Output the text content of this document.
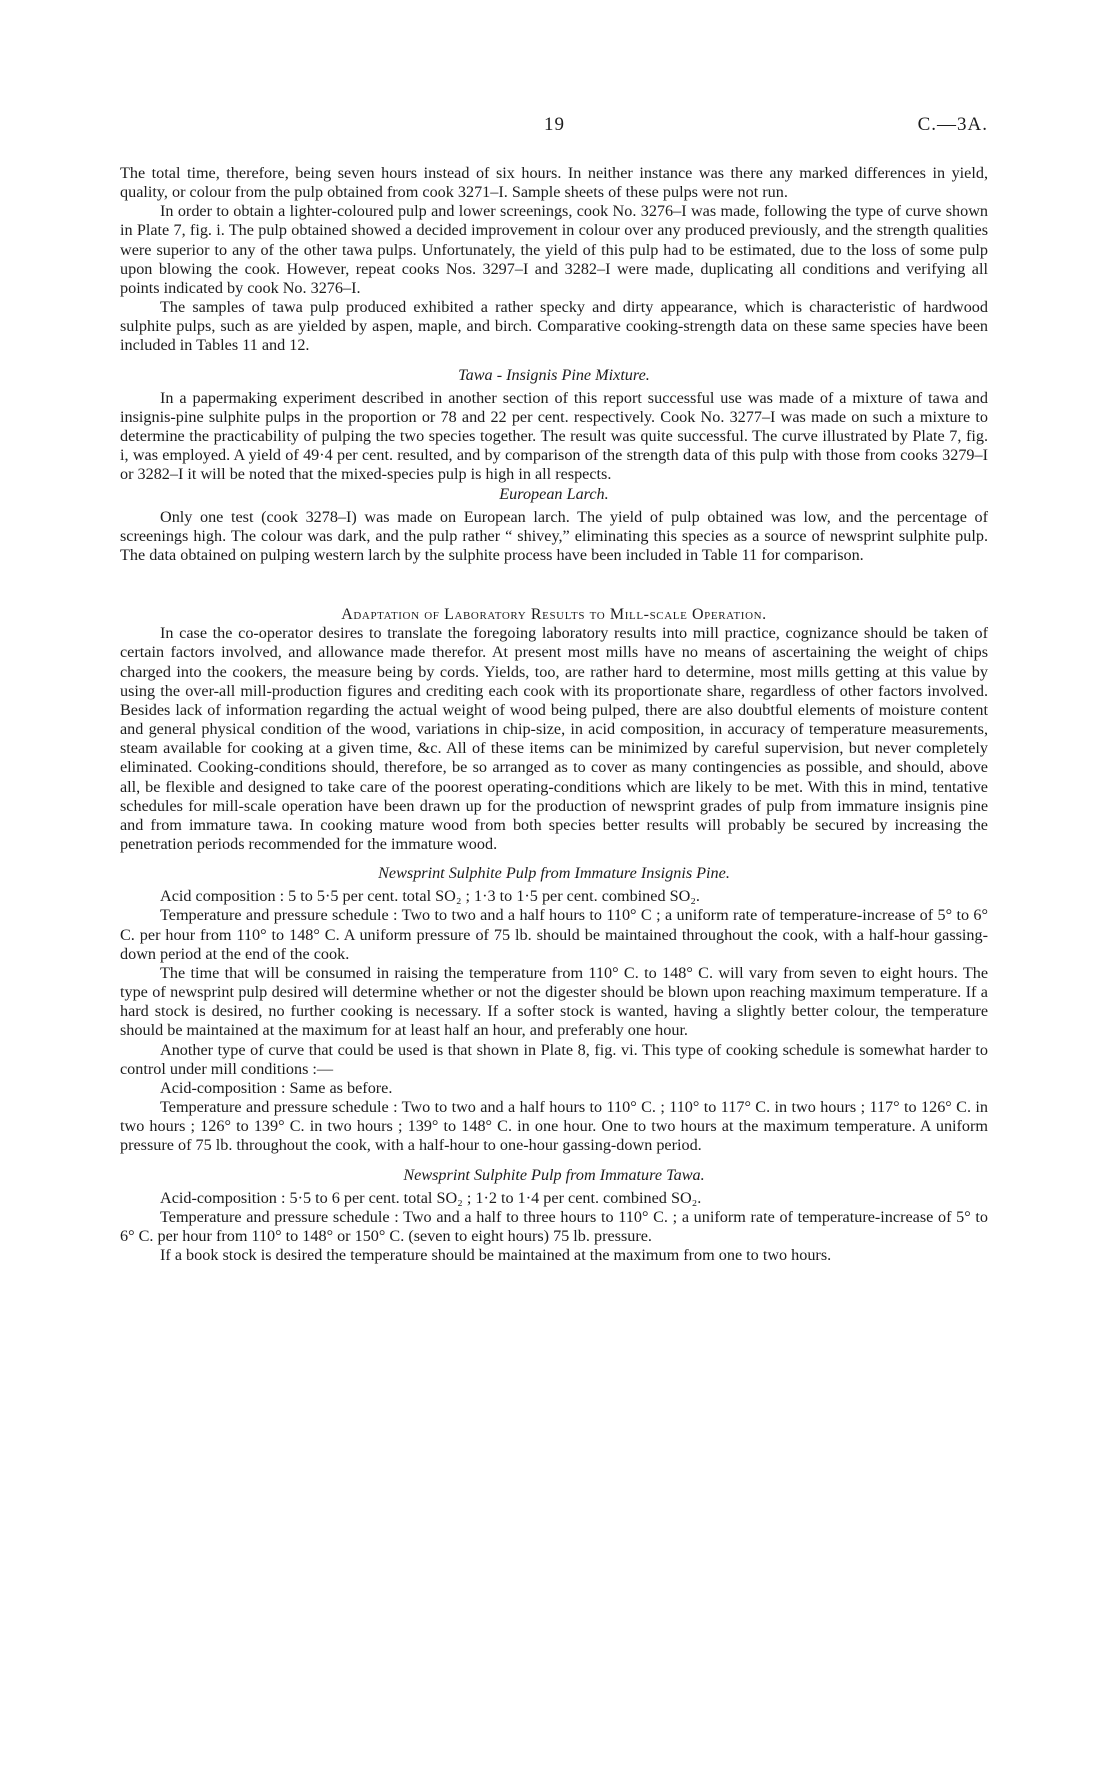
19	C.—3A.

The total time, therefore, being seven hours instead of six hours. In neither instance was there any marked differences in yield, quality, or colour from the pulp obtained from cook 3271–I. Sample sheets of these pulps were not run.

In order to obtain a lighter-coloured pulp and lower screenings, cook No. 3276–I was made, following the type of curve shown in Plate 7, fig. i. The pulp obtained showed a decided improvement in colour over any produced previously, and the strength qualities were superior to any of the other tawa pulps. Unfortunately, the yield of this pulp had to be estimated, due to the loss of some pulp upon blowing the cook. However, repeat cooks Nos. 3297–I and 3282–I were made, duplicating all conditions and verifying all points indicated by cook No. 3276–I.

The samples of tawa pulp produced exhibited a rather specky and dirty appearance, which is characteristic of hardwood sulphite pulps, such as are yielded by aspen, maple, and birch. Comparative cooking-strength data on these same species have been included in Tables 11 and 12.

Tawa - Insignis Pine Mixture.

In a papermaking experiment described in another section of this report successful use was made of a mixture of tawa and insignis-pine sulphite pulps in the proportion or 78 and 22 per cent. respectively. Cook No. 3277–I was made on such a mixture to determine the practicability of pulping the two species together. The result was quite successful. The curve illustrated by Plate 7, fig. i, was employed. A yield of 49·4 per cent. resulted, and by comparison of the strength data of this pulp with those from cooks 3279–I or 3282–I it will be noted that the mixed-species pulp is high in all respects.

European Larch.

Only one test (cook 3278–I) was made on European larch. The yield of pulp obtained was low, and the percentage of screenings high. The colour was dark, and the pulp rather “ shivey,” eliminating this species as a source of newsprint sulphite pulp. The data obtained on pulping western larch by the sulphite process have been included in Table 11 for comparison.

Adaptation of Laboratory Results to Mill-scale Operation.

In case the co-operator desires to translate the foregoing laboratory results into mill practice, cognizance should be taken of certain factors involved, and allowance made therefor. At present most mills have no means of ascertaining the weight of chips charged into the cookers, the measure being by cords. Yields, too, are rather hard to determine, most mills getting at this value by using the over-all mill-production figures and crediting each cook with its proportionate share, regardless of other factors involved. Besides lack of information regarding the actual weight of wood being pulped, there are also doubtful elements of moisture content and general physical condition of the wood, variations in chip-size, in acid composition, in accuracy of temperature measurements, steam available for cooking at a given time, &c. All of these items can be minimized by careful supervision, but never completely eliminated. Cooking-conditions should, therefore, be so arranged as to cover as many contingencies as possible, and should, above all, be flexible and designed to take care of the poorest operating-conditions which are likely to be met. With this in mind, tentative schedules for mill-scale operation have been drawn up for the production of newsprint grades of pulp from immature insignis pine and from immature tawa. In cooking mature wood from both species better results will probably be secured by increasing the penetration periods recommended for the immature wood.

Newsprint Sulphite Pulp from Immature Insignis Pine.

Acid composition : 5 to 5·5 per cent. total SO₂ ; 1·3 to 1·5 per cent. combined SO₂.

Temperature and pressure schedule : Two to two and a half hours to 110° C ; a uniform rate of temperature-increase of 5° to 6° C. per hour from 110° to 148° C. A uniform pressure of 75 lb. should be maintained throughout the cook, with a half-hour gassing-down period at the end of the cook.

The time that will be consumed in raising the temperature from 110° C. to 148° C. will vary from seven to eight hours. The type of newsprint pulp desired will determine whether or not the digester should be blown upon reaching maximum temperature. If a hard stock is desired, no further cooking is necessary. If a softer stock is wanted, having a slightly better colour, the temperature should be maintained at the maximum for at least half an hour, and preferably one hour.

Another type of curve that could be used is that shown in Plate 8, fig. vi. This type of cooking schedule is somewhat harder to control under mill conditions :—

Acid-composition : Same as before.

Temperature and pressure schedule : Two to two and a half hours to 110° C. ; 110° to 117° C. in two hours ; 117° to 126° C. in two hours ; 126° to 139° C. in two hours ; 139° to 148° C. in one hour. One to two hours at the maximum temperature. A uniform pressure of 75 lb. throughout the cook, with a half-hour to one-hour gassing-down period.

Newsprint Sulphite Pulp from Immature Tawa.

Acid-composition : 5·5 to 6 per cent. total SO₂ ; 1·2 to 1·4 per cent. combined SO₂.

Temperature and pressure schedule : Two and a half to three hours to 110° C. ; a uniform rate of temperature-increase of 5° to 6° C. per hour from 110° to 148° or 150° C. (seven to eight hours) 75 lb. pressure.

If a book stock is desired the temperature should be maintained at the maximum from one to two hours.
